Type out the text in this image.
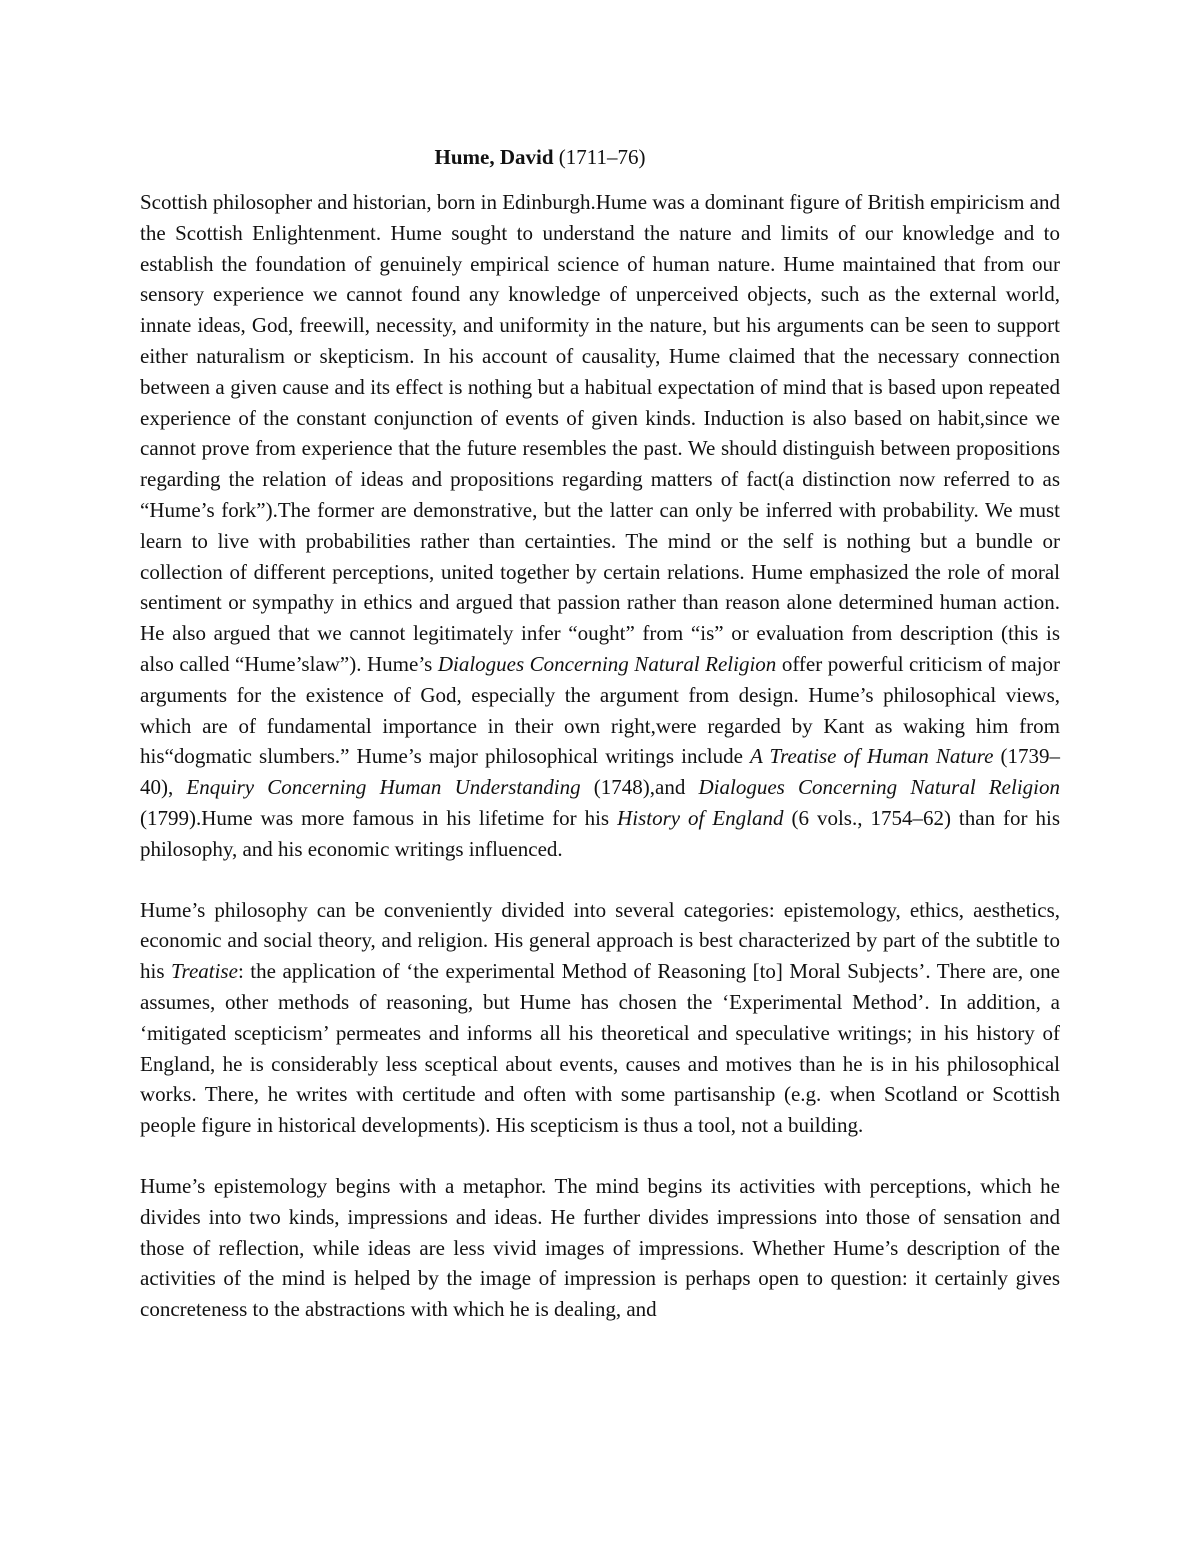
Hume, David (1711–76)

Scottish philosopher and historian, born in Edinburgh.Hume was a dominant figure of British empiricism and the Scottish Enlightenment. Hume sought to understand the nature and limits of our knowledge and to establish the foundation of genuinely empirical science of human nature. Hume maintained that from our sensory experience we cannot found any knowledge of unperceived objects, such as the external world, innate ideas, God, freewill, necessity, and uniformity in the nature, but his arguments can be seen to support either naturalism or skepticism. In his account of causality, Hume claimed that the necessary connection between a given cause and its effect is nothing but a habitual expectation of mind that is based upon repeated experience of the constant conjunction of events of given kinds. Induction is also based on habit,since we cannot prove from experience that the future resembles the past. We should distinguish between propositions regarding the relation of ideas and propositions regarding matters of fact(a distinction now referred to as “Hume’s fork”).The former are demonstrative, but the latter can only be inferred with probability. We must learn to live with probabilities rather than certainties. The mind or the self is nothing but a bundle or collection of different perceptions, united together by certain relations. Hume emphasized the role of moral sentiment or sympathy in ethics and argued that passion rather than reason alone determined human action. He also argued that we cannot legitimately infer “ought” from “is” or evaluation from description (this is also called “Hume’slaw”). Hume’s Dialogues Concerning Natural Religion offer powerful criticism of major arguments for the existence of God, especially the argument from design. Hume’s philosophical views, which are of fundamental importance in their own right,were regarded by Kant as waking him from his“dogmatic slumbers.” Hume’s major philosophical writings include A Treatise of Human Nature (1739–40), Enquiry Concerning Human Understanding (1748),and Dialogues Concerning Natural Religion (1799).Hume was more famous in his lifetime for his History of England (6 vols., 1754–62) than for his philosophy, and his economic writings influenced.

Hume’s philosophy can be conveniently divided into several categories: epistemology, ethics, aesthetics, economic and social theory, and religion. His general approach is best characterized by part of the subtitle to his Treatise: the application of ‘the experimental Method of Reasoning [to] Moral Subjects’. There are, one assumes, other methods of reasoning, but Hume has chosen the ‘Experimental Method’. In addition, a ‘mitigated scepticism’ permeates and informs all his theoretical and speculative writings; in his history of England, he is considerably less sceptical about events, causes and motives than he is in his philosophical works. There, he writes with certitude and often with some partisanship (e.g. when Scotland or Scottish people figure in historical developments). His scepticism is thus a tool, not a building.

Hume’s epistemology begins with a metaphor. The mind begins its activities with perceptions, which he divides into two kinds, impressions and ideas. He further divides impressions into those of sensation and those of reflection, while ideas are less vivid images of impressions. Whether Hume’s description of the activities of the mind is helped by the image of impression is perhaps open to question: it certainly gives concreteness to the abstractions with which he is dealing, and
